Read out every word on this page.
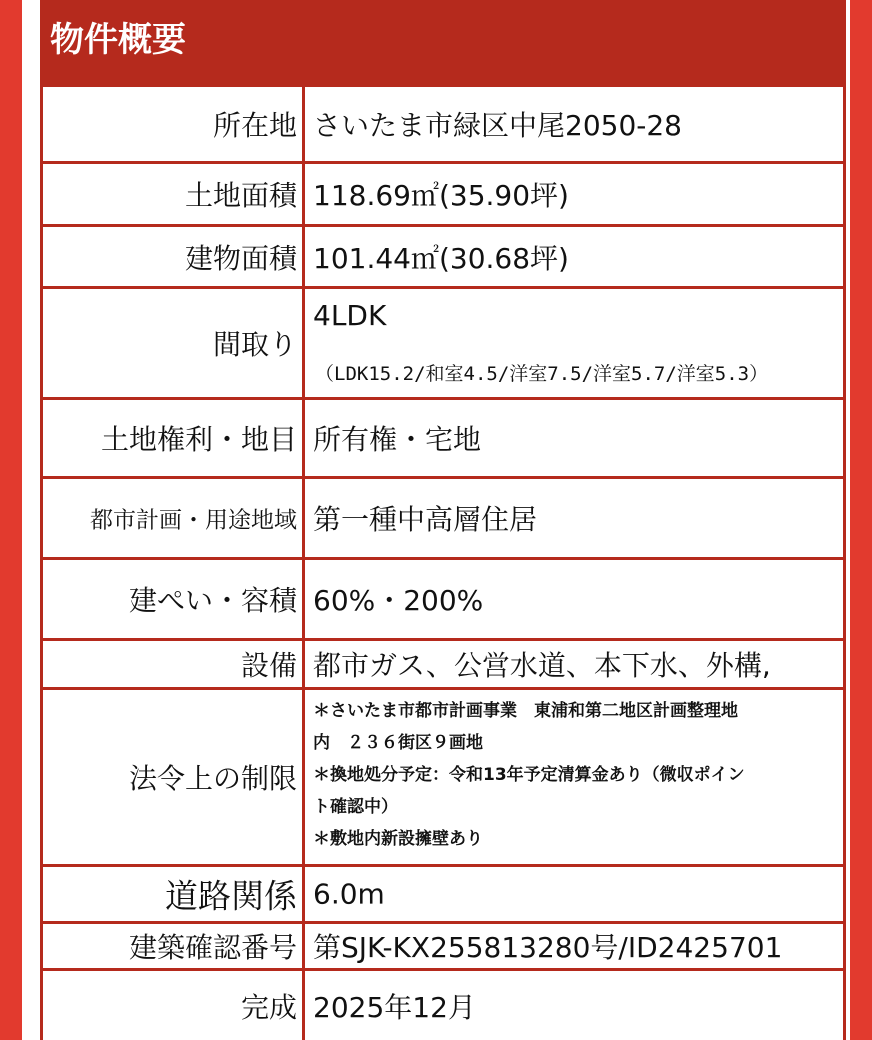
物件概要
所在地 さいたま市緑区中尾2050-28
土地面積 118.69㎡(35.90坪)
建物面積 101.44㎡(30.68坪)
間取り
4LDK
（LDK15.2/和室4.5/洋室7.5/洋室5.7/洋室5.3）
土地権利・地目 所有権・宅地
都市計画・用途地域 第一種中高層住居
建ぺい・容積 60%・200%
設備 都市ガス、公営水道、本下水、外構,
法令上の制限
＊さいたま市都市計画事業　東浦和第二地区計画整理地
内　２３６街区９画地
＊換地処分予定：令和13年予定清算金あり（微収ポイン
ト確認中）
＊敷地内新設擁壁あり
道路関係 6.0m
建築確認番号 第SJK-KX255813280号/ID2425701
完成 2025年12月
